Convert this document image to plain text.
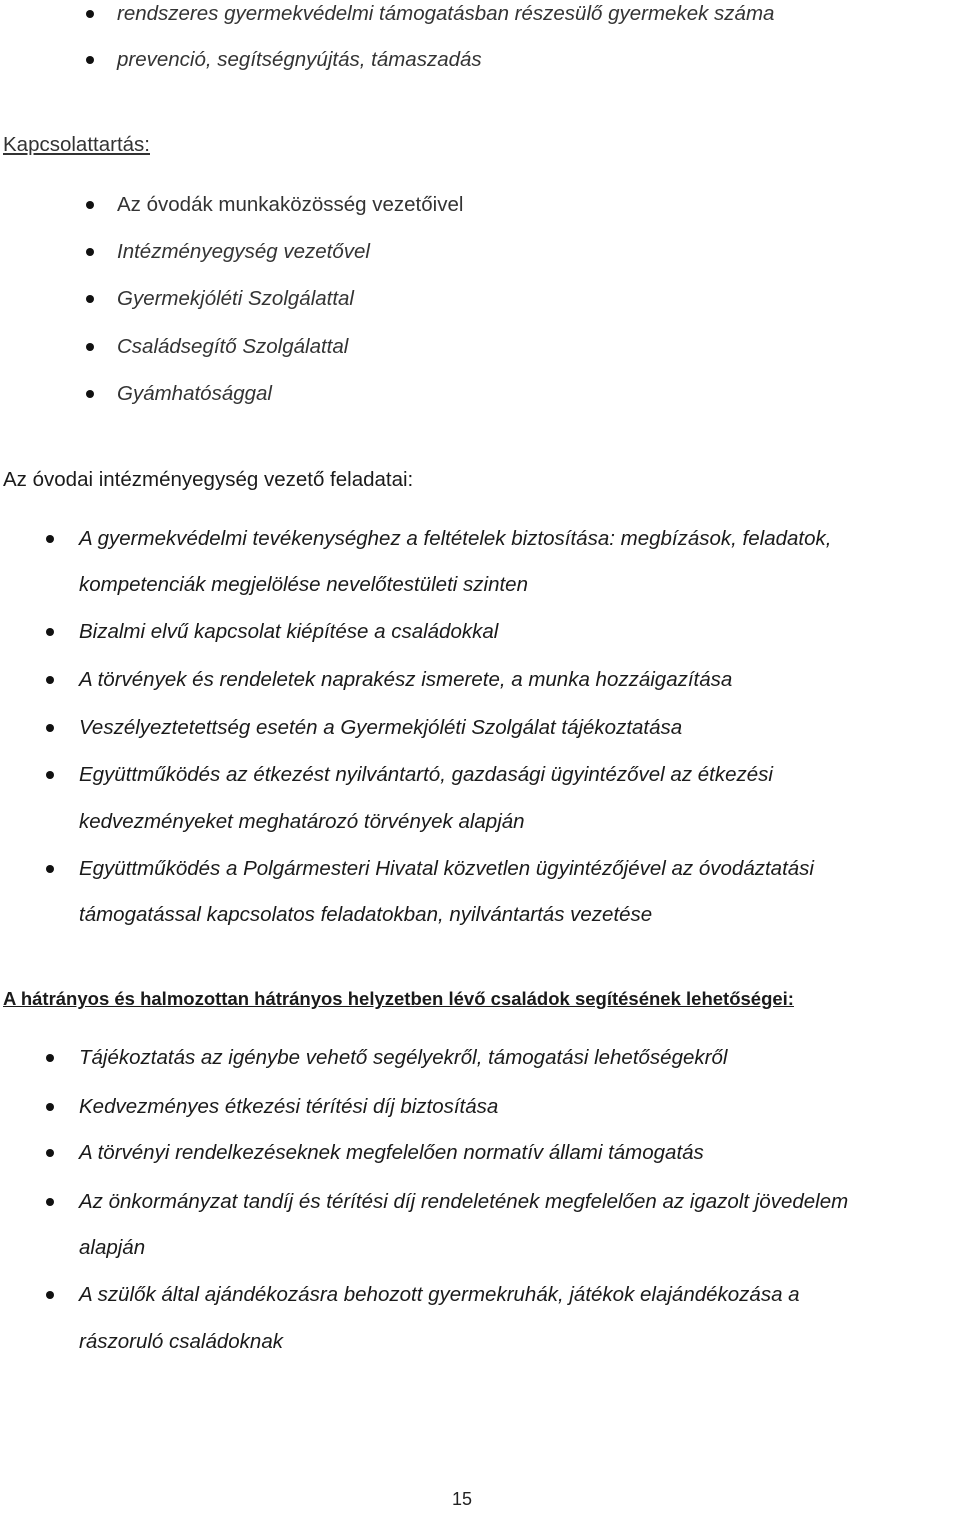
rendszeres gyermekvédelmi támogatásban részesülő gyermekek száma
prevenció, segítségnyújtás, támaszadás
Kapcsolattartás:
Az óvodák munkaközösség vezetőivel
Intézményegység vezetővel
Gyermekjóléti Szolgálattal
Családsegítő Szolgálattal
Gyámhatósággal
Az óvodai intézményegység vezető feladatai:
A gyermekvédelmi tevékenységhez a feltételek biztosítása: megbízások, feladatok,
kompetenciák megjelölése nevelőtestületi szinten
Bizalmi elvű kapcsolat kiépítése a családokkal
A törvények és rendeletek naprakész ismerete, a munka hozzáigazítása
Veszélyeztetettség esetén a Gyermekjóléti Szolgálat tájékoztatása
Együttműködés az étkezést nyilvántartó, gazdasági ügyintézővel az étkezési
kedvezményeket meghatározó törvények alapján
Együttműködés a Polgármesteri Hivatal közvetlen ügyintézőjével az óvodáztatási
támogatással kapcsolatos feladatokban, nyilvántartás vezetése
A hátrányos és halmozottan hátrányos helyzetben lévő családok segítésének lehetőségei:
Tájékoztatás az igénybe vehető segélyekről, támogatási lehetőségekről
Kedvezményes étkezési térítési díj biztosítása
A törvényi rendelkezéseknek megfelelően normatív állami támogatás
Az önkormányzat tandíj és térítési díj rendeletének megfelelően az igazolt jövedelem
alapján
A szülők által ajándékozásra behozott gyermekruhák, játékok elajándékozása a
rászoruló családoknak
15
